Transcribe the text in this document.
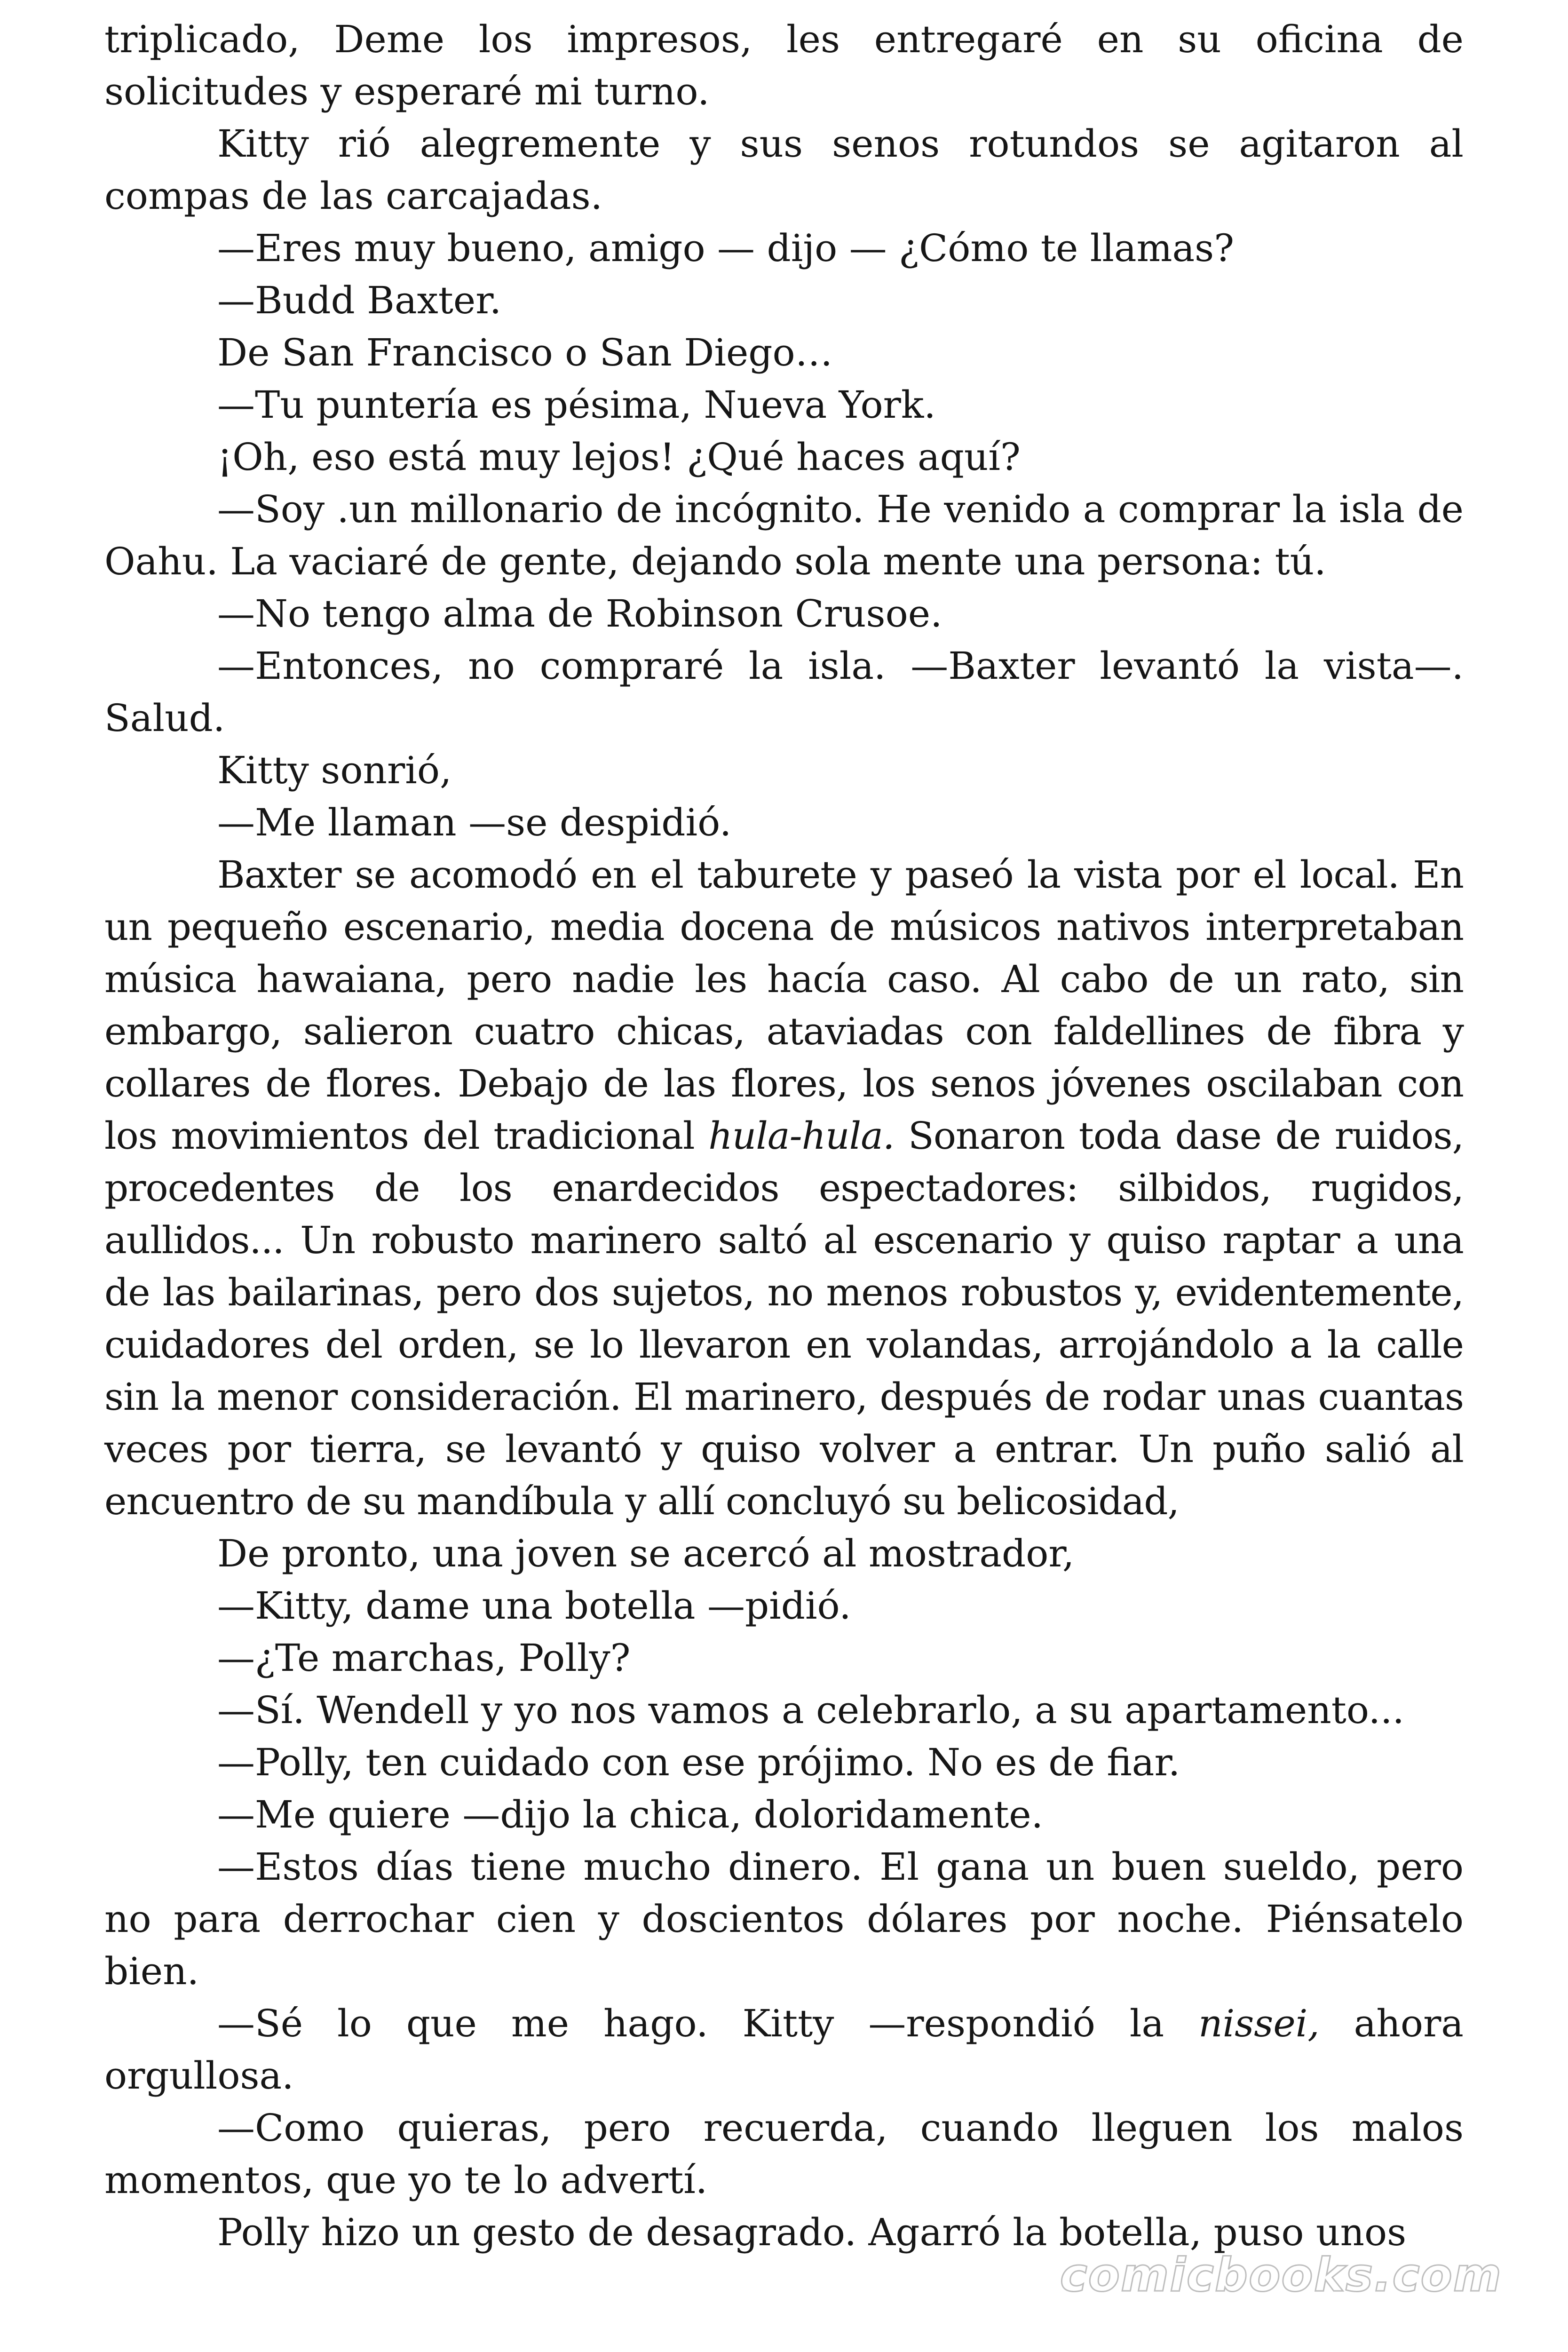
triplicado, Deme los impresos, les entregaré en su oficina de solicitudes y esperaré mi turno.

Kitty rió alegremente y sus senos rotundos se agitaron al compas de las carcajadas.

—Eres muy bueno, amigo — dijo — ¿Cómo te llamas?

—Budd Baxter.

De San Francisco o San Diego…

—Tu puntería es pésima, Nueva York.

¡Oh, eso está muy lejos! ¿Qué haces aquí?

—Soy .un millonario de incógnito. He venido a comprar la isla de Oahu. La vaciaré de gente, dejando sola mente una persona: tú.

—No tengo alma de Robinson Crusoe.

—Entonces, no compraré la isla. —Baxter levantó la vista—. Salud.

Kitty sonrió,

—Me llaman —se despidió.

Baxter se acomodó en el taburete y paseó la vista por el local. En un pequeño escenario, media docena de músicos nativos interpretaban música hawaiana, pero nadie les hacía caso. Al cabo de un rato, sin embargo, salieron cuatro chicas, ataviadas con faldellines de fibra y collares de flores. Debajo de las flores, los senos jóvenes oscilaban con los movimientos del tradicional hula-hula. Sonaron toda dase de ruidos, procedentes de los enardecidos espectadores: silbidos, rugidos, aullidos... Un robusto marinero saltó al escenario y quiso raptar a una de las bailarinas, pero dos sujetos, no menos robustos y, evidentemente, cuidadores del orden, se lo llevaron en volandas, arrojándolo a la calle sin la menor consideración. El marinero, después de rodar unas cuantas veces por tierra, se levantó y quiso volver a entrar. Un puño salió al encuentro de su mandíbula y allí concluyó su belicosidad,

De pronto, una joven se acercó al mostrador,

—Kitty, dame una botella —pidió.

—¿Te marchas, Polly?

—Sí. Wendell y yo nos vamos a celebrarlo, a su apartamento...

—Polly, ten cuidado con ese prójimo. No es de fiar.

—Me quiere —dijo la chica, doloridamente.

—Estos días tiene mucho dinero. El gana un buen sueldo, pero no para derrochar cien y doscientos dólares por noche. Piénsatelo bien.

—Sé lo que me hago. Kitty —respondió la nissei, ahora orgullosa.

—Como quieras, pero recuerda, cuando lleguen los malos momentos, que yo te lo advertí.

Polly hizo un gesto de desagrado. Agarró la botella, puso unos

comicbooks.com
